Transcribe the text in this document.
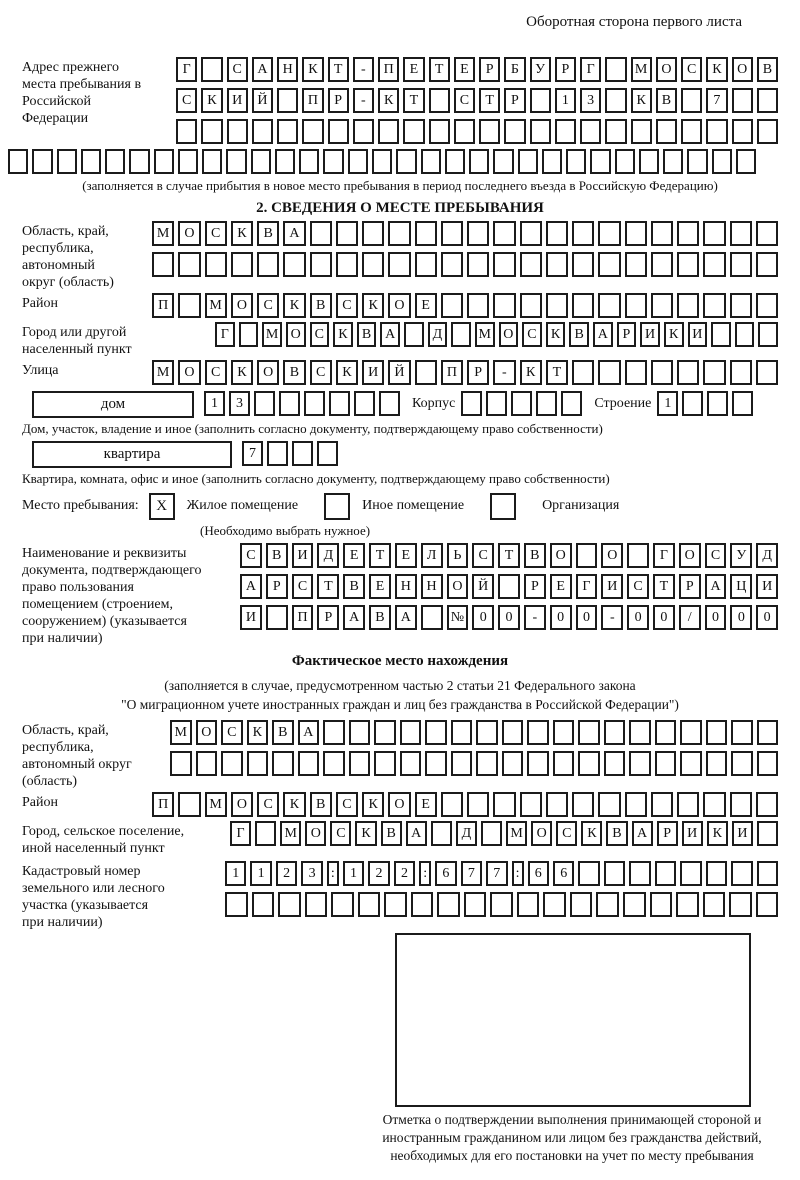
Оборотная сторона первого листа
Адрес прежнего места пребывания в Российской Федерации
Г	С	А	Н	К	Т	-	П	Е	Т	Е	Р	Б	У	Р	Г	М О	С	К	О	В
С	К	И	Й	П	Р	-	К	Т	С	Т	Р	1	3	К	В	7
(заполняется в случае прибытия в новое место пребывания в период последнего въезда в Российскую Федерацию)
2. СВЕДЕНИЯ О МЕСТЕ ПРЕБЫВАНИЯ
Область, край, республика, автономный округ (область)
М	О	С	К	В	А
Район	П	М	О	С	К	В	С	К	О	Е
Город или другой населенный пункт
Г	М О С	К	В А	Д	М О С	К	В А	Р	И К И
Улица	М	О	С	К	О	В	С	К	И	Й	П	Р	-	К	Т
дом	1	3	Корпус	Строение 1
Дом, участок, владение и иное (заполнить согласно документу, подтверждающему право собственности)
квартира	7
Квартира, комната, офис и иное (заполнить согласно документу, подтверждающему право собственности)
Место пребывания:	X	Жилое помещение	Иное помещение	Организация
(Необходимо выбрать нужное)
Наименование и реквизиты документа, подтверждающего право пользования помещением (строением, сооружением) (указывается при наличии)
С	В	И	Д	Е	Т	Е	Л	Ь	С	Т	В	О	О	Г	О	С	У	Д
А	Р	С	Т	В	Е	Н	Н	О	Й	Р	Е	Г	И	С	Т	Р	А	Ц	И
И	П	Р	А	В	А	№	0	0	-	0	0	-	0	0	/	0	0	0
Фактическое место нахождения
(заполняется в случае, предусмотренном частью 2 статьи 21 Федерального закона
"О миграционном учете иностранных граждан и лиц без гражданства в Российской Федерации")
Область, край, республика, автономный округ (область)
М	О	С	К	В	А
Район	П	М	О	С	К	В	С	К	О	Е
Город, сельское поселение, иной населенный пункт
Г	М О	С	К	В	А	Д	М О	С	К	В	А	Р	И	К	И
Кадастровый номер земельного или лесного участка (указывается при наличии)
1	1	2	3	:	1	2	2	:	6	7	7	:	6	6
Отметка о подтверждении выполнения принимающей стороной и иностранным гражданином или лицом без гражданства действий, необходимых для его постановки на учет по месту пребывания
